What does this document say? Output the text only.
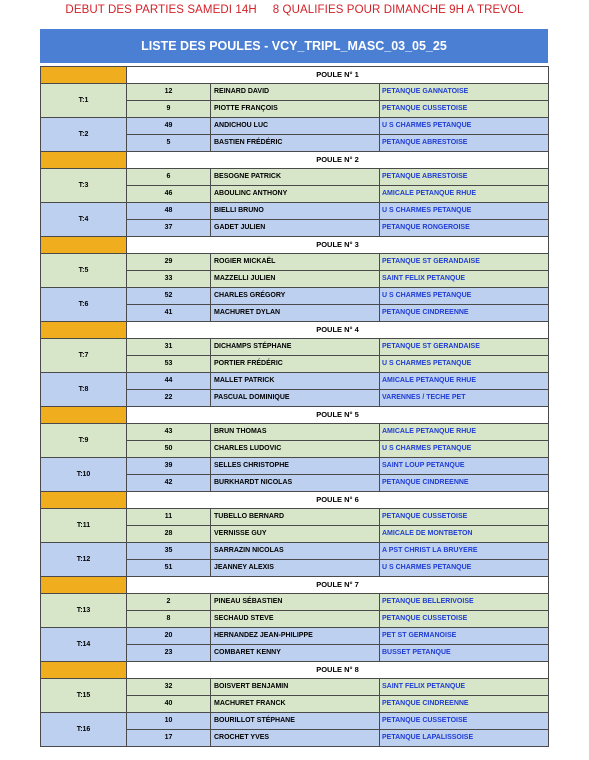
DEBUT DES PARTIES SAMEDI 14H 8 QUALIFIES POUR DIMANCHE 9H A TREVOL
LISTE DES POULES - VCY_TRIPL_MASC_03_05_25
	POULE N° 1		
T:1	12	REINARD DAVID	PETANQUE GANNATOISE
	9	PIOTTE FRANÇOIS	PETANQUE CUSSETOISE
T:2	49	ANDICHOU LUC	U S CHARMES PETANQUE
	5	BASTIEN FRÉDÉRIC	PETANQUE ABRESTOISE
	POULE N° 2		
T:3	6	BESOGNE PATRICK	PETANQUE ABRESTOISE
	46	ABOULINC ANTHONY	AMICALE PETANQUE RHUE
T:4	48	BIELLI BRUNO	U S CHARMES PETANQUE
	37	GADET JULIEN	PETANQUE RONGEROISE
	POULE N° 3		
T:5	29	ROGIER MICKAËL	PETANQUE ST GERANDAISE
	33	MAZZELLI JULIEN	SAINT FELIX PETANQUE
T:6	52	CHARLES GRÉGORY	U S CHARMES PETANQUE
	41	MACHURET DYLAN	PETANQUE CINDREENNE
	POULE N° 4		
T:7	31	DICHAMPS STÉPHANE	PETANQUE ST GERANDAISE
	53	PORTIER FRÉDÉRIC	U S CHARMES PETANQUE
T:8	44	MALLET PATRICK	AMICALE PETANQUE RHUE
	22	PASCUAL DOMINIQUE	VARENNES / TECHE PET
	POULE N° 5		
T:9	43	BRUN THOMAS	AMICALE PETANQUE RHUE
	50	CHARLES LUDOVIC	U S CHARMES PETANQUE
T:10	39	SELLES CHRISTOPHE	SAINT LOUP PETANQUE
	42	BURKHARDT NICOLAS	PETANQUE CINDREENNE
	POULE N° 6		
T:11	11	TUBELLO BERNARD	PETANQUE CUSSETOISE
	28	VERNISSE GUY	AMICALE DE MONTBETON
T:12	35	SARRAZIN NICOLAS	A PST CHRIST LA BRUYERE
	51	JEANNEY ALEXIS	U S CHARMES PETANQUE
	POULE N° 7		
T:13	2	PINEAU SÉBASTIEN	PETANQUE BELLERIVOISE
	8	SECHAUD STEVE	PETANQUE CUSSETOISE
T:14	20	HERNANDEZ JEAN-PHILIPPE	PET ST GERMANOISE
	23	COMBARET KENNY	BUSSET PETANQUE
	POULE N° 8		
T:15	32	BOISVERT BENJAMIN	SAINT FELIX PETANQUE
	40	MACHURET FRANCK	PETANQUE CINDREENNE
T:16	10	BOURILLOT STÉPHANE	PETANQUE CUSSETOISE
	17	CROCHET YVES	PETANQUE LAPALISSOISE
